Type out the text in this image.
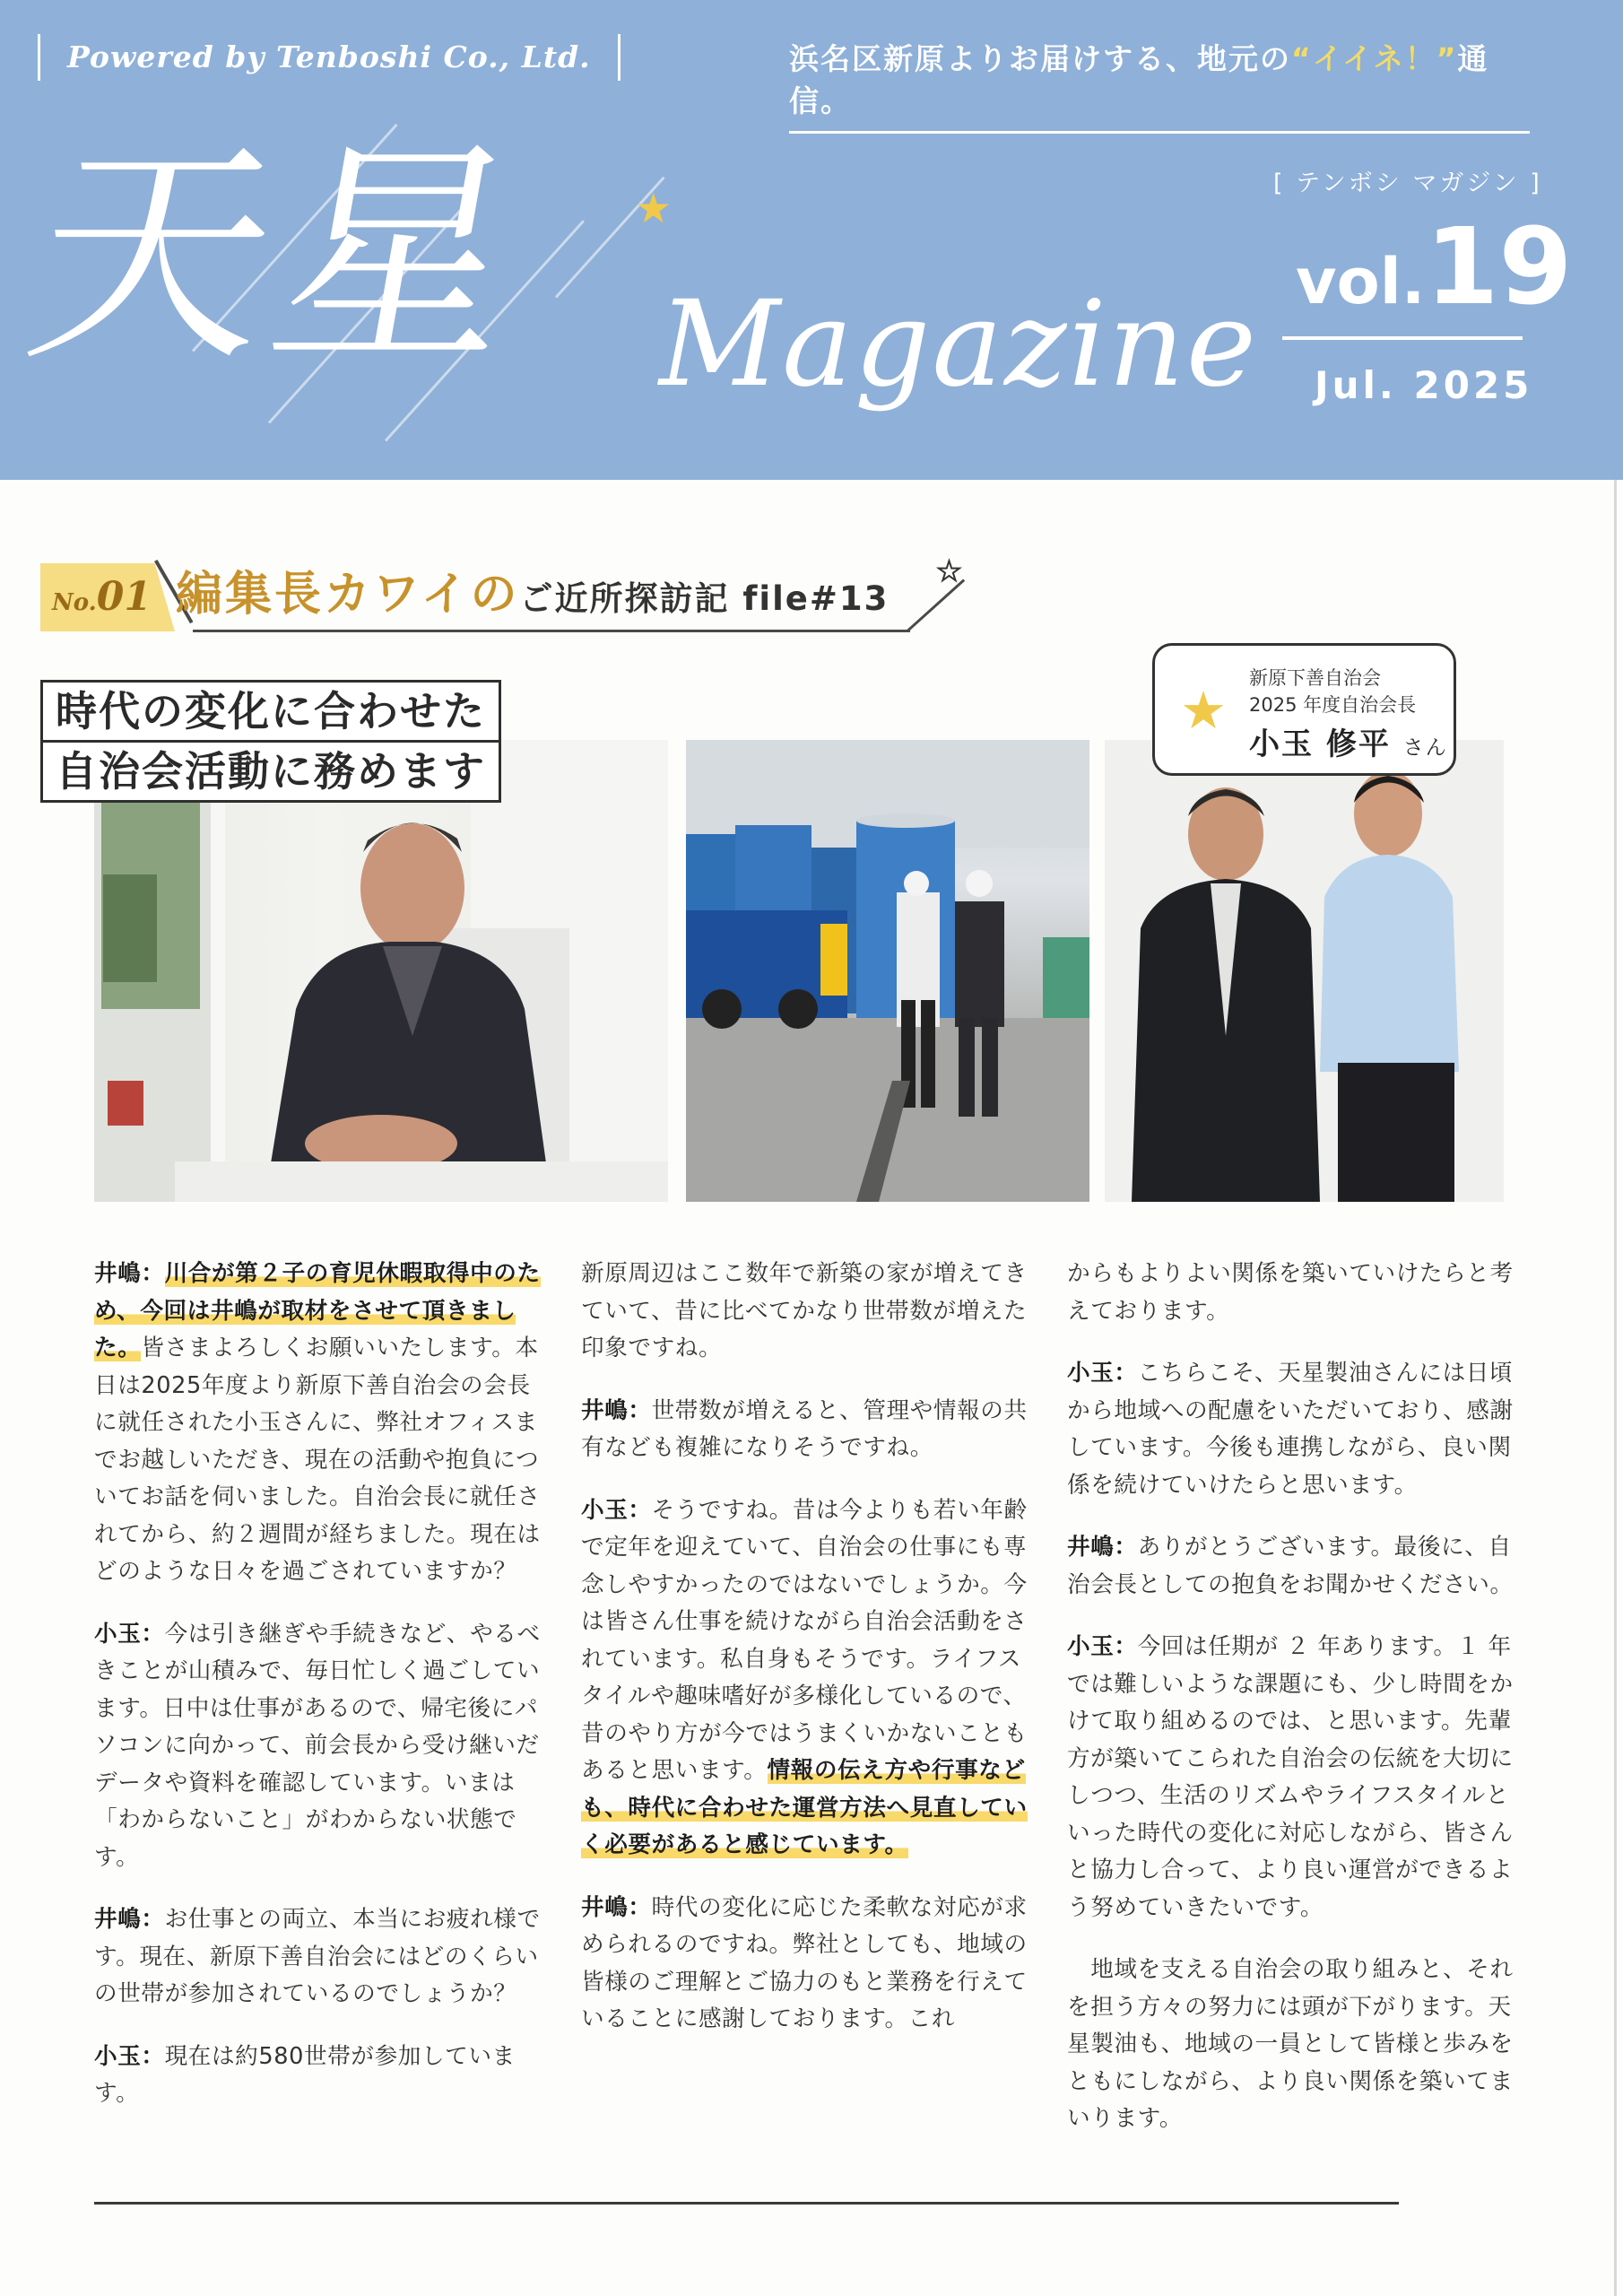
Powered by Tenboshi Co., Ltd.	浜名区新原よりお届けする、地元の“イイネ！”通信。
天星 ★
Magazine
[ テンボシ マガジン ]
vol.19
Jul. 2025
No.01
★
編集長カワイのご近所探訪記 file#13
時代の変化に合わせた
自治会活動に務めます
★
新原下善自治会
2025 年度自治会長
小玉 修平 さん

井嶋：川合が第２子の育児休暇取得中のため、今回は井嶋が取材をさせて頂きました。皆さまよろしくお願いいたします。本日は2025年度より新原下善自治会の会長に就任された小玉さんに、弊社オフィスまでお越しいただき、現在の活動や抱負についてお話を伺いました。自治会長に就任されてから、約２週間が経ちました。現在はどのような日々を過ごされていますか？

小玉：今は引き継ぎや手続きなど、やるべきことが山積みで、毎日忙しく過ごしています。日中は仕事があるので、帰宅後にパソコンに向かって、前会長から受け継いだデータや資料を確認しています。いまは「わからないこと」がわからない状態です。

井嶋：お仕事との両立、本当にお疲れ様です。現在、新原下善自治会にはどのくらいの世帯が参加されているのでしょうか？

小玉：現在は約580世帯が参加しています。

新原周辺はここ数年で新築の家が増えてきていて、昔に比べてかなり世帯数が増えた印象ですね。

井嶋：世帯数が増えると、管理や情報の共有なども複雑になりそうですね。

小玉：そうですね。昔は今よりも若い年齢で定年を迎えていて、自治会の仕事にも専念しやすかったのではないでしょうか。今は皆さん仕事を続けながら自治会活動をされています。私自身もそうです。ライフスタイルや趣味嗜好が多様化しているので、昔のやり方が今ではうまくいかないこともあると思います。情報の伝え方や行事なども、時代に合わせた運営方法へ見直していく必要があると感じています。

井嶋：時代の変化に応じた柔軟な対応が求められるのですね。弊社としても、地域の皆様のご理解とご協力のもと業務を行えていることに感謝しております。これ

からもよりよい関係を築いていけたらと考えております。

小玉：こちらこそ、天星製油さんには日頃から地域への配慮をいただいており、感謝しています。今後も連携しながら、良い関係を続けていけたらと思います。

井嶋：ありがとうございます。最後に、自治会長としての抱負をお聞かせください。

小玉：今回は任期が ２ 年あります。１ 年では難しいような課題にも、少し時間をかけて取り組めるのでは、と思います。先輩方が築いてこられた自治会の伝統を大切にしつつ、生活のリズムやライフスタイルといった時代の変化に対応しながら、皆さんと協力し合って、より良い運営ができるよう努めていきたいです。

　地域を支える自治会の取り組みと、それを担う方々の努力には頭が下がります。天星製油も、地域の一員として皆様と歩みをともにしながら、より良い関係を築いてまいります。
